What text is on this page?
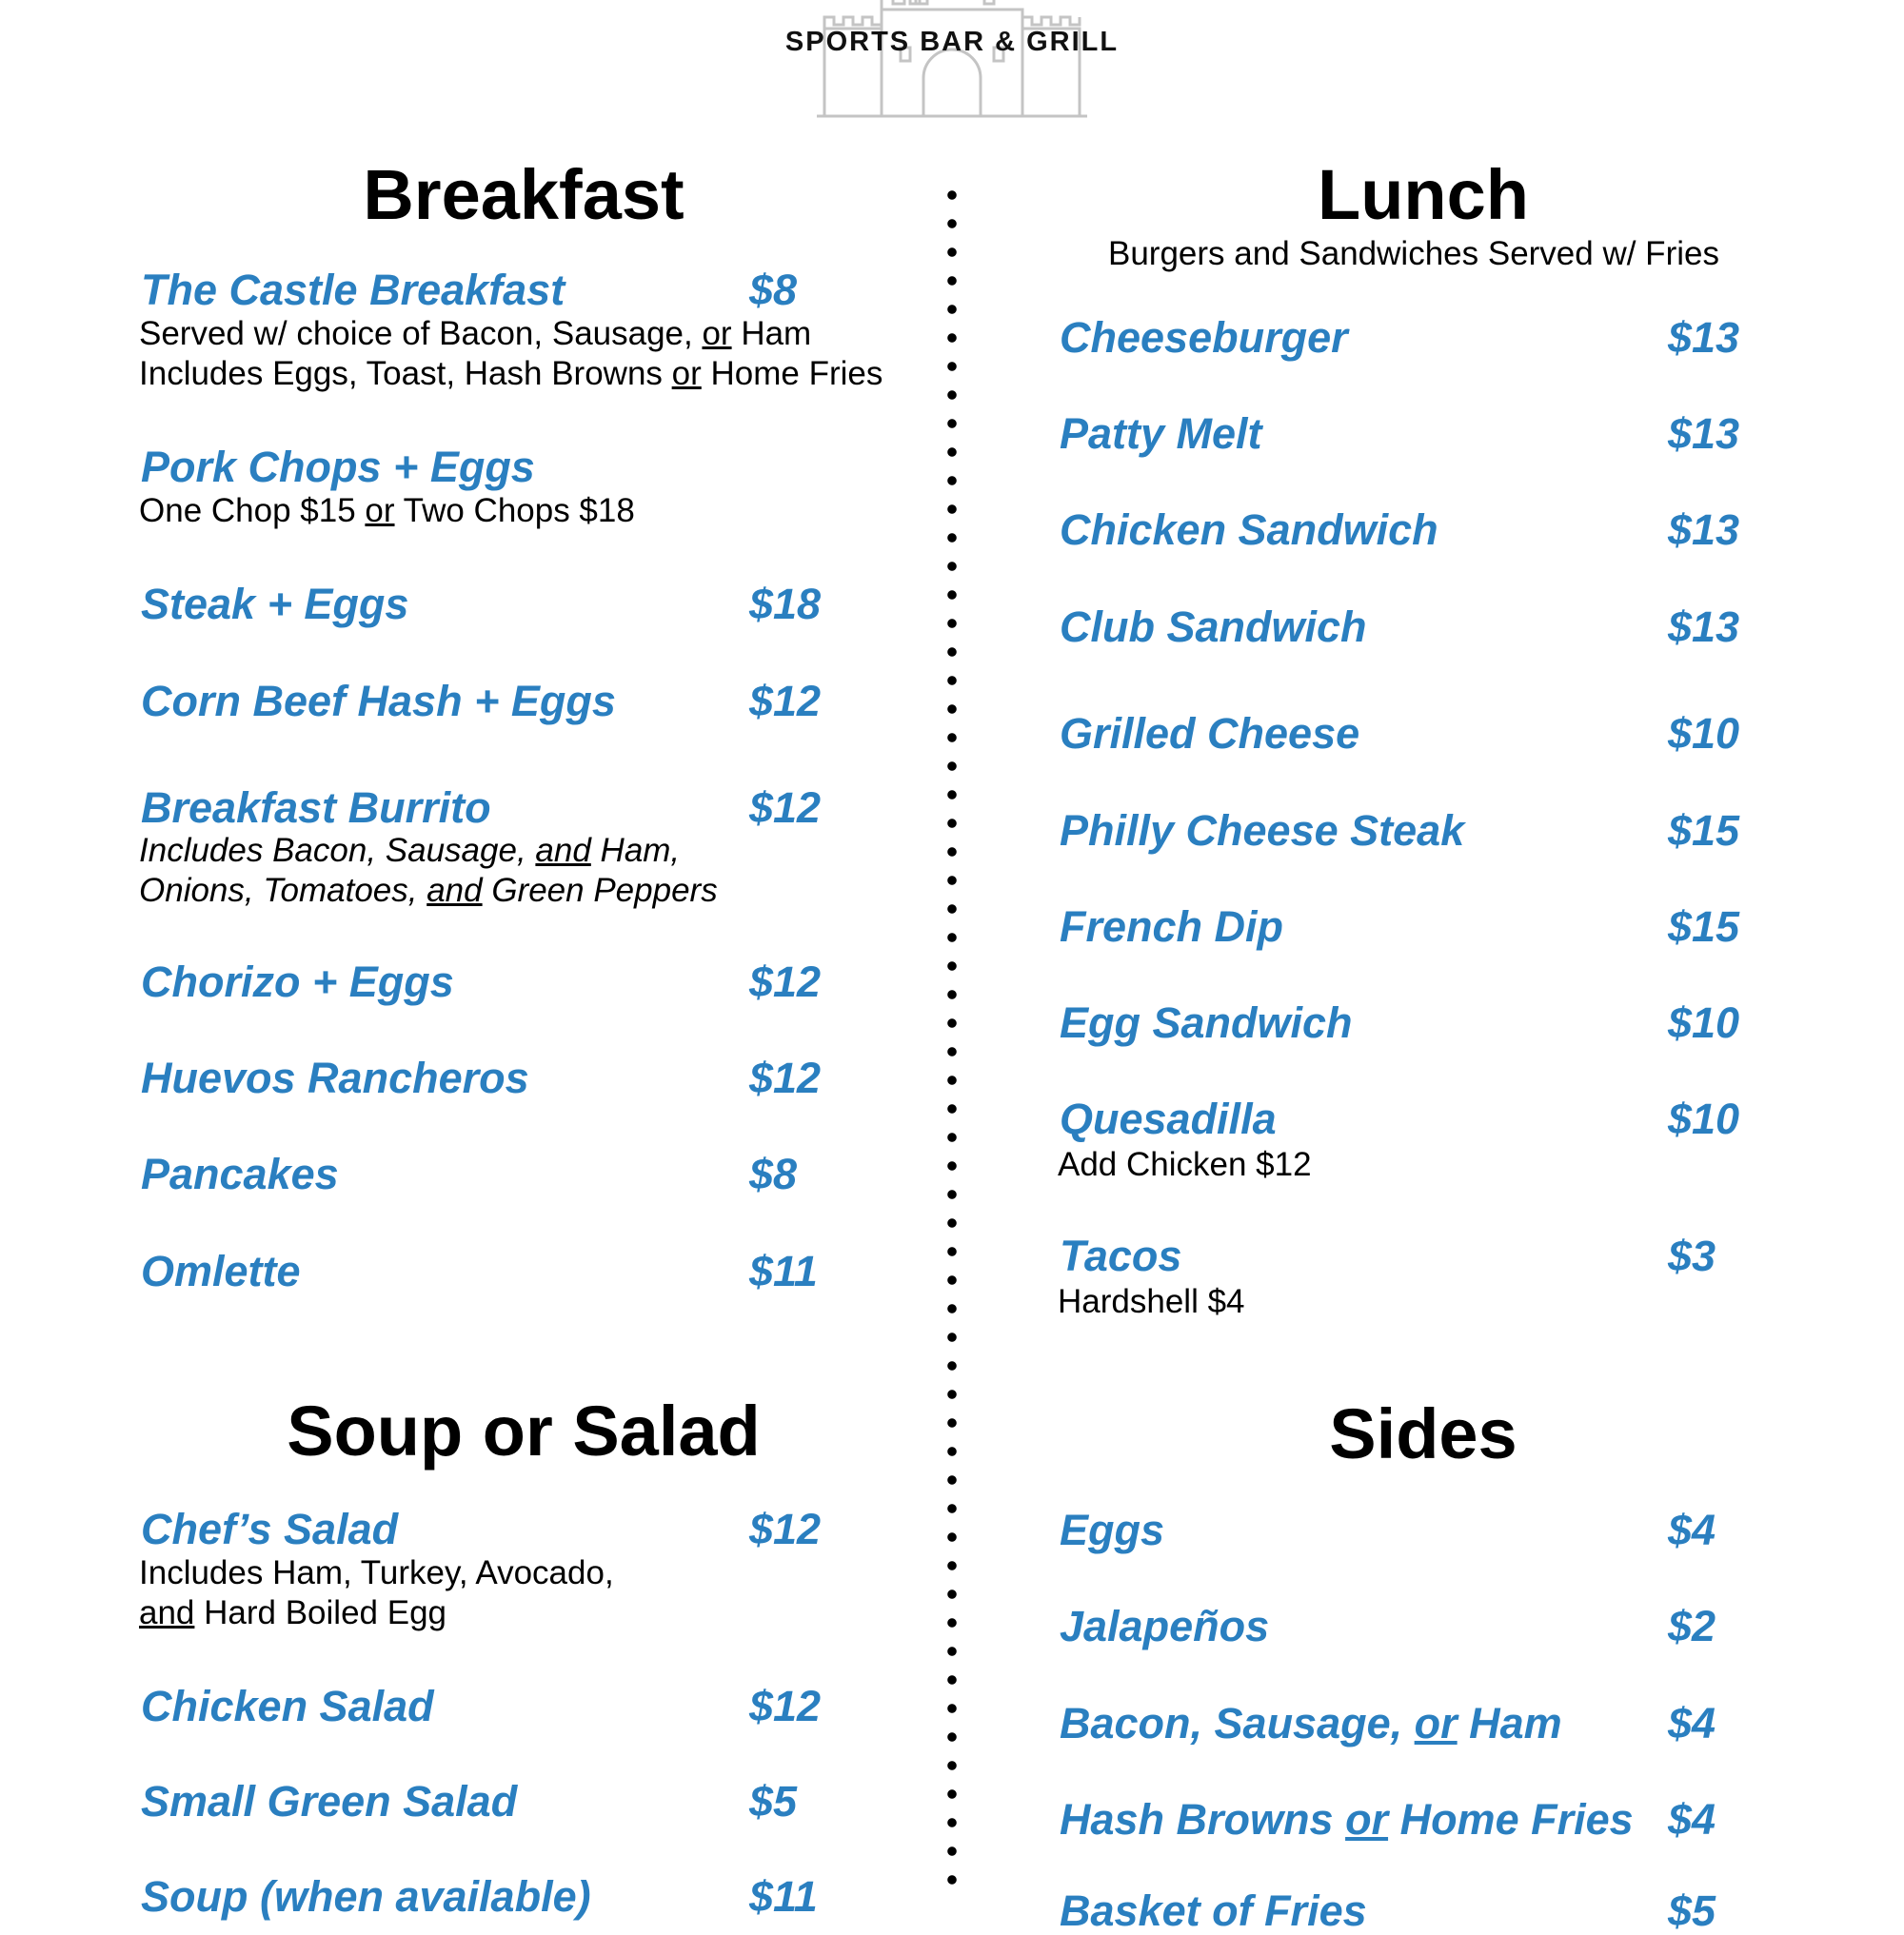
SPORTS BAR & GRILL
Breakfast
The Castle Breakfast	$8
Served w/ choice of Bacon, Sausage, or Ham
Includes Eggs, Toast, Hash Browns or Home Fries
Pork Chops + Eggs
One Chop $15 or Two Chops $18
Steak + Eggs	$18
Corn Beef Hash + Eggs	$12
Breakfast Burrito	$12
Includes Bacon, Sausage, and Ham,
Onions, Tomatoes, and Green Peppers
Chorizo + Eggs	$12
Huevos Rancheros	$12
Pancakes	$8
Omlette	$11
Soup or Salad
Chef’s Salad	$12
Includes Ham, Turkey, Avocado,
and Hard Boiled Egg
Chicken Salad	$12
Small Green Salad	$5
Soup (when available)	$11
Lunch
Burgers and Sandwiches Served w/ Fries
Cheeseburger	$13
Patty Melt	$13
Chicken Sandwich	$13
Club Sandwich	$13
Grilled Cheese	$10
Philly Cheese Steak	$15
French Dip	$15
Egg Sandwich	$10
Quesadilla	$10
Add Chicken $12
Tacos	$3
Hardshell $4
Sides
Eggs	$4
Jalapeños	$2
Bacon, Sausage, or Ham $4
Hash Browns or Home Fries $4
Basket of Fries	$5
